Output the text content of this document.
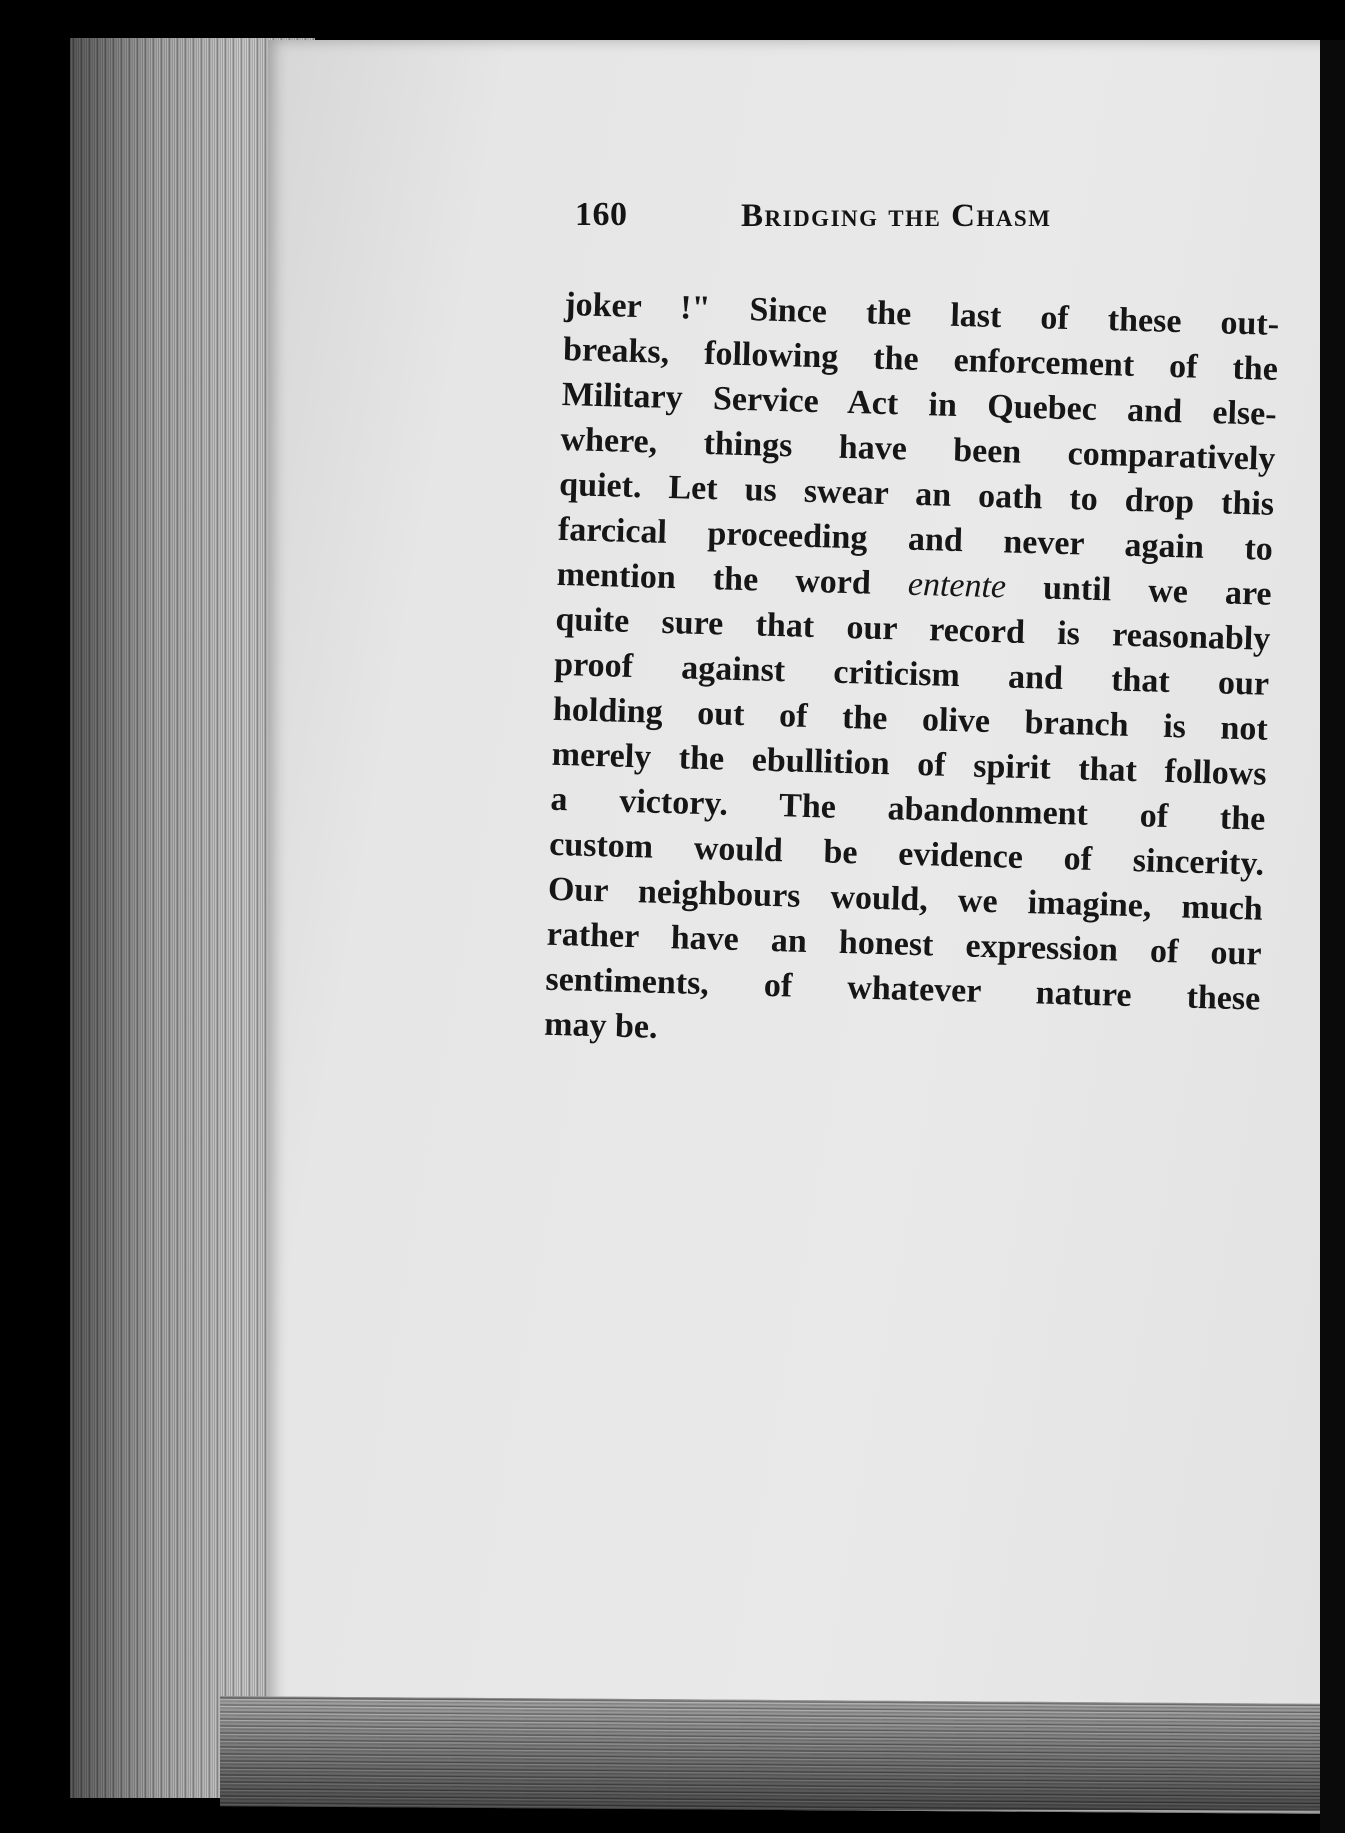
160	Bridging the Chasm
joker !" Since the last of these out-
breaks, following the enforcement of the
Military Service Act in Quebec and else-
where, things have been comparatively
quiet. Let us swear an oath to drop this
farcical proceeding and never again to
mention the word entente until we are
quite sure that our record is reasonably
proof against criticism and that our
holding out of the olive branch is not
merely the ebullition of spirit that follows
a victory. The abandonment of the
custom would be evidence of sincerity.
Our neighbours would, we imagine, much
rather have an honest expression of our
sentiments, of whatever nature these
may be.
